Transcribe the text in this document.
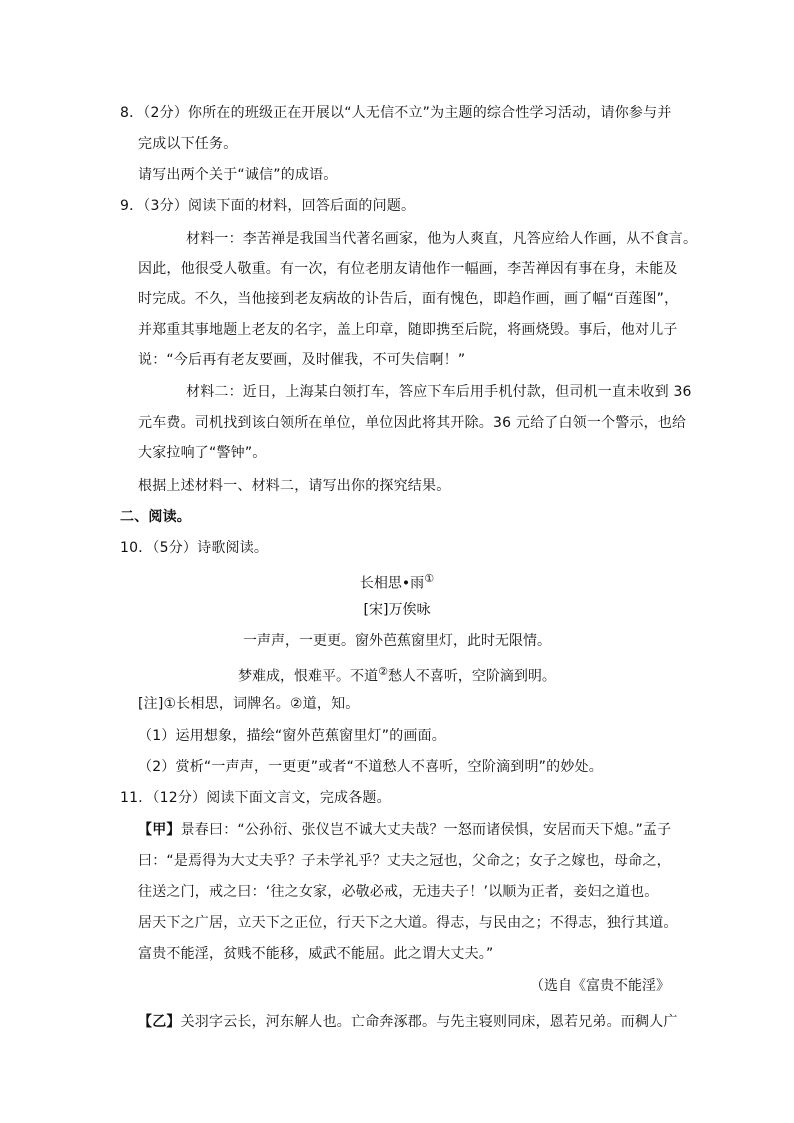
8．（2分）你所在的班级正在开展以“人无信不立”为主题的综合性学习活动，请你参与并
完成以下任务。
请写出两个关于“诚信”的成语。
9．（3分）阅读下面的材料，回答后面的问题。
材料一：李苦禅是我国当代著名画家，他为人爽直，凡答应给人作画，从不食言。
因此，他很受人敬重。有一次，有位老朋友请他作一幅画，李苦禅因有事在身，未能及
时完成。不久，当他接到老友病故的讣告后，面有愧色，即趋作画，画了幅“百莲图”，
并郑重其事地题上老友的名字，盖上印章，随即携至后院，将画烧毁。事后，他对儿子
说：“今后再有老友要画，及时催我，不可失信啊！”
材料二：近日，上海某白领打车，答应下车后用手机付款，但司机一直未收到 36
元车费。司机找到该白领所在单位，单位因此将其开除。36 元给了白领一个警示，也给
大家拉响了“警钟”。
根据上述材料一、材料二，请写出你的探究结果。
二、阅读。
10．（5分）诗歌阅读。
长相思•雨①
[宋]万俟咏
一声声，一更更。窗外芭蕉窗里灯，此时无限情。
梦难成，恨难平。不道②愁人不喜听，空阶滴到明。
[注]①长相思，词牌名。②道，知。
（1）运用想象，描绘“窗外芭蕉窗里灯”的画面。
（2）赏析“一声声，一更更”或者“不道愁人不喜听，空阶滴到明”的妙处。
11．（12分）阅读下面文言文，完成各题。
【甲】景春曰：“公孙衍、张仪岂不诚大丈夫哉？一怒而诸侯惧，安居而天下熄。”孟子
曰：“是焉得为大丈夫乎？子未学礼乎？丈夫之冠也，父命之；女子之嫁也，母命之，
往送之门，戒之曰：‘往之女家，必敬必戒，无违夫子！’以顺为正者，妾妇之道也。
居天下之广居，立天下之正位，行天下之大道。得志，与民由之；不得志，独行其道。
富贵不能淫，贫贱不能移，威武不能屈。此之谓大丈夫。”
（选自《富贵不能淫》
【乙】关羽字云长，河东解人也。亡命奔涿郡。与先主寝则同床，恩若兄弟。而稠人广
